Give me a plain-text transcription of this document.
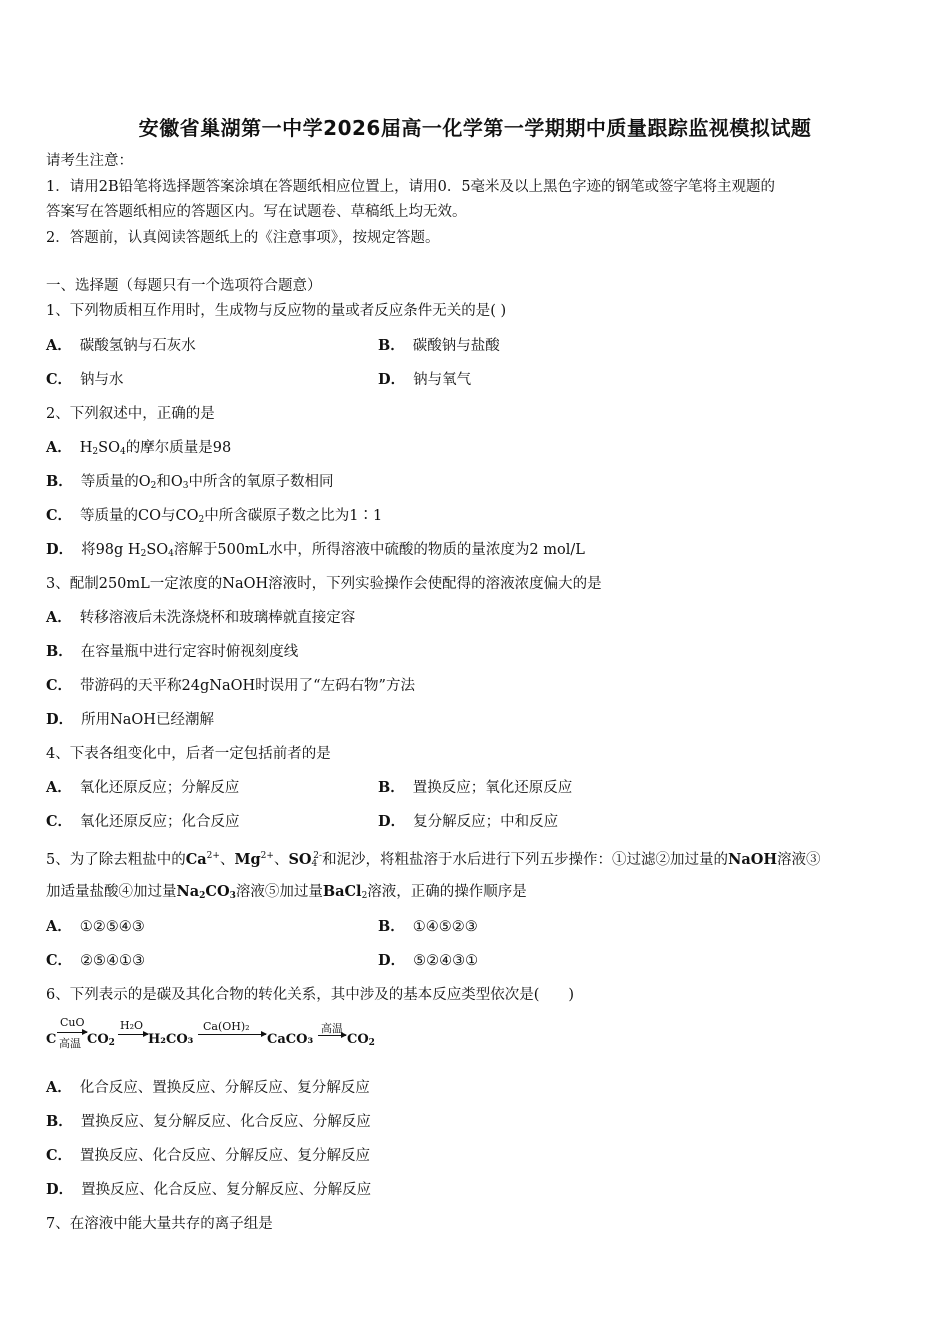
安徽省巢湖第一中学2026届高一化学第一学期期中质量跟踪监视模拟试题
请考生注意：
1．请用2B铅笔将选择题答案涂填在答题纸相应位置上，请用0．5毫米及以上黑色字迹的钢笔或签字笔将主观题的
答案写在答题纸相应的答题区内。写在试题卷、草稿纸上均无效。
2．答题前，认真阅读答题纸上的《注意事项》，按规定答题。
一、选择题（每题只有一个选项符合题意）
1、下列物质相互作用时，生成物与反应物的量或者反应条件无关的是( )
A． 碳酸氢钠与石灰水	B． 碳酸钠与盐酸
C． 钠与水	D． 钠与氧气
2、下列叙述中，正确的是
A． $H_2SO_4$的摩尔质量是98
B． 等质量的$O_2$和$O_3$中所含的氧原子数相同
C． 等质量的CO与$CO_2$中所含碳原子数之比为1∶1
D． 将98g $H_2SO_4$溶解于500mL水中，所得溶液中硫酸的物质的量浓度为2 mol/L
3、配制250mL一定浓度的NaOH溶液时，下列实验操作会使配得的溶液浓度偏大的是
A． 转移溶液后未洗涤烧杯和玻璃棒就直接定容
B． 在容量瓶中进行定容时俯视刻度线
C． 带游码的天平称24gNaOH时误用了“左码右物”方法
D． 所用NaOH已经潮解
4、下表各组变化中，后者一定包括前者的是
A． 氧化还原反应；分解反应	B． 置换反应；氧化还原反应
C． 氧化还原反应；化合反应	D． 复分解反应；中和反应
5、为了除去粗盐中的$Ca^{2+}$、$Mg^{2+}$、$SO_4^{2-}$和泥沙，将粗盐溶于水后进行下列五步操作：①过滤②加过量的NaOH溶液③
加适量盐酸④加过量$Na_2CO_3$溶液⑤加过量BaCl$_2$溶液，正确的操作顺序是
A． ①②⑤④③	B． ①④⑤②③
C． ②⑤④①③	D． ⑤②④③①
6、下列表示的是碳及其化合物的转化关系，其中涉及的基本反应类型依次是(　　)
C
CuO
高温 $CO_2$
H₂O
H₂CO₃
Ca(OH)₂
CaCO₃
高温
$CO_2$
A． 化合反应、置换反应、分解反应、复分解反应
B． 置换反应、复分解反应、化合反应、分解反应
C． 置换反应、化合反应、分解反应、复分解反应
D． 置换反应、化合反应、复分解反应、分解反应
7、在溶液中能大量共存的离子组是
